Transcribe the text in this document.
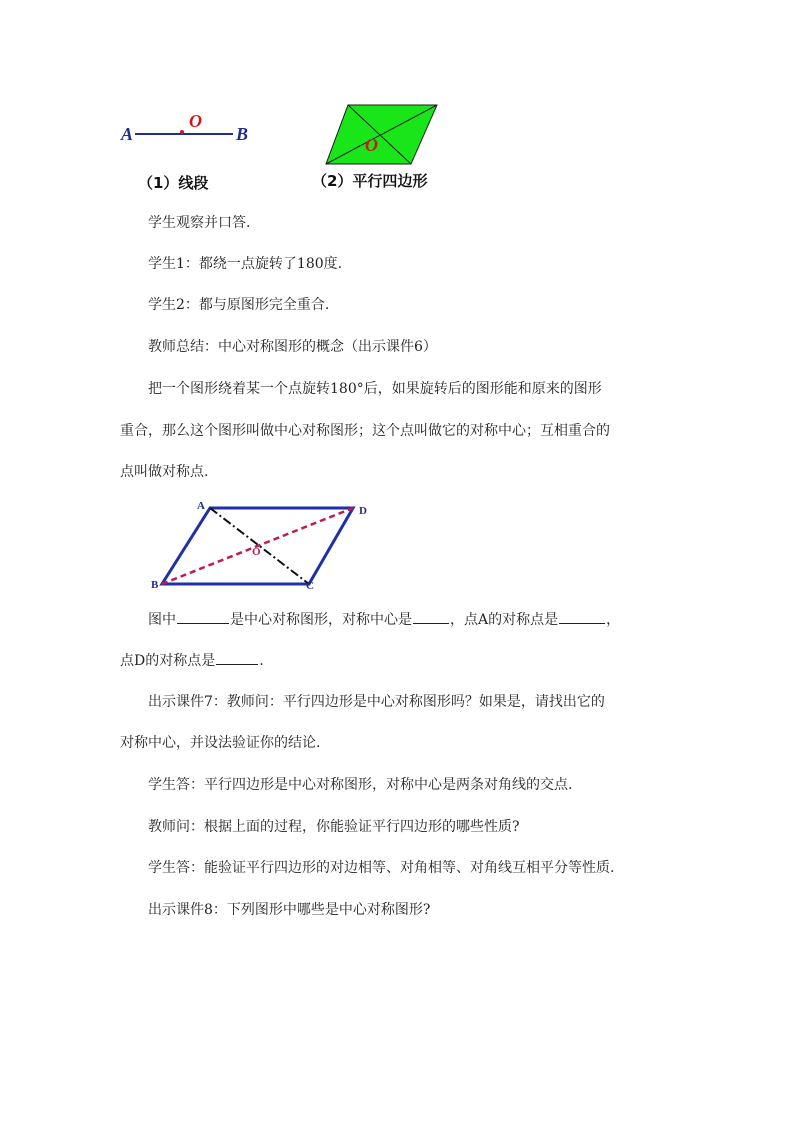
A	B
O
（1）线段
O
（2）平行四边形
学生观察并口答.
学生1：都绕一点旋转了180度.
学生2：都与原图形完全重合.
教师总结：中心对称图形的概念（出示课件6）
把一个图形绕着某一个点旋转180°后，如果旋转后的图形能和原来的图形
重合，那么这个图形叫做中心对称图形；这个点叫做它的对称中心；互相重合的
点叫做对称点.
A	D
B	C
O
图中	是中心对称图形，对称中心是	，点A的对称点是	，
点D的对称点是	.
出示课件7：教师问：平行四边形是中心对称图形吗？如果是，请找出它的
对称中心，并设法验证你的结论.
学生答：平行四边形是中心对称图形，对称中心是两条对角线的交点.
教师问：根据上面的过程，你能验证平行四边形的哪些性质?
学生答：能验证平行四边形的对边相等、对角相等、对角线互相平分等性质.
出示课件8：下列图形中哪些是中心对称图形?
